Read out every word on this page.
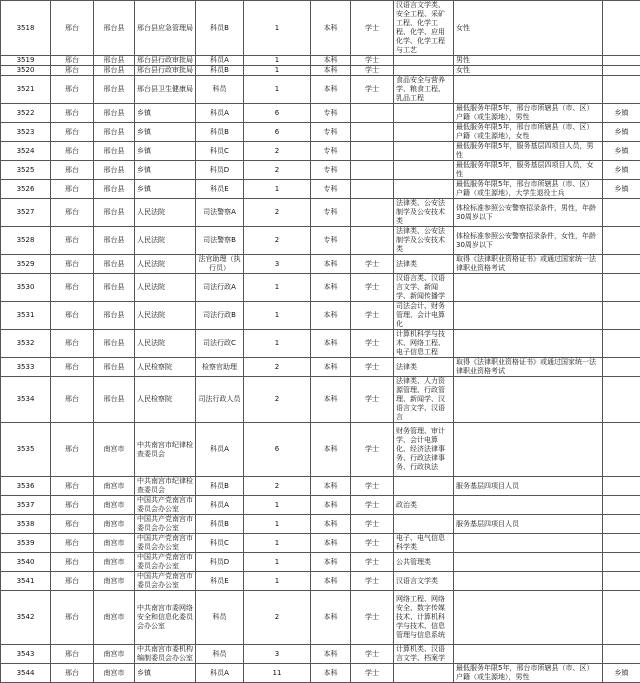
3518	邢台	邢台县	邢台县应急管理局	科员B	1	本科	学士	汉语言文学类、安全工程、采矿工程、化学工程、化学、应用化学、化学工程与工艺	女性	
3519	邢台	邢台县	邢台县行政审批局	科员A	1	本科	学士		男性	
3520	邢台	邢台县	邢台县行政审批局	科员B	1	本科	学士		女性	
3521	邢台	邢台县	邢台县卫生健康局	科员	1	本科	学士	食品安全与营养学、粮食工程、乳品工程		
3522	邢台	邢台县	乡镇	科员A	6	专科			最低服务年限5年，邢台市所辖县（市、区）户籍（或生源地），男性	乡镇
3523	邢台	邢台县	乡镇	科员B	6	专科			最低服务年限5年，邢台市所辖县（市、区）户籍（或生源地），女性	乡镇
3524	邢台	邢台县	乡镇	科员C	2	专科			最低服务年限5年，服务基层四项目人员，男性	乡镇
3525	邢台	邢台县	乡镇	科员D	2	专科			最低服务年限5年，服务基层四项目人员，女性	乡镇
3526	邢台	邢台县	乡镇	科员E	1	专科			最低服务年限5年，邢台市所辖县（市、区）户籍（或生源地），大学生退役士兵	乡镇
3527	邢台	邢台县	人民法院	司法警察A	2	专科		法律类、公安法制学及公安技术类	体检标准参照公安警察招录条件，男性，年龄30周岁以下	
3528	邢台	邢台县	人民法院	司法警察B	2	专科		法律类、公安法制学及公安技术类	体检标准参照公安警察招录条件，女性，年龄30周岁以下	
3529	邢台	邢台县	人民法院	法官助理（执行员）	3	本科	学士	法律类	取得《法律职业资格证书》或通过国家统一法律职业资格考试	
3530	邢台	邢台县	人民法院	司法行政A	1	本科	学士	汉语言类、汉语言文学、新闻学、新闻传播学		
3531	邢台	邢台县	人民法院	司法行政B	1	本科	学士	司法会计、财务管理、会计电算化		
3532	邢台	邢台县	人民法院	司法行政C	1	本科	学士	计算机科学与技术、网络工程、电子信息工程		
3533	邢台	邢台县	人民检察院	检察官助理	2	本科	学士	法律类	取得《法律职业资格证书》或通过国家统一法律职业资格考试	
3534	邢台	邢台县	人民检察院	司法行政人员	2	本科	学士	法律类、人力资源管理、行政管理、新闻学、汉语言文学、汉语言		
3535	邢台	南宫市	中共南宫市纪律检查委员会	科员A	6	本科	学士	财务管理、审计学、会计电算化、经济法律事务、行政法律事务、行政执法		
3536	邢台	南宫市	中共南宫市纪律检查委员会	科员B	2	本科	学士		服务基层四项目人员	
3537	邢台	南宫市	中国共产党南宫市委员会办公室	科员A	1	本科	学士	政治类		
3538	邢台	南宫市	中国共产党南宫市委员会办公室	科员B	1	本科	学士		服务基层四项目人员	
3539	邢台	南宫市	中国共产党南宫市委员会办公室	科员C	1	本科	学士	电子、电气信息科学类		
3540	邢台	南宫市	中国共产党南宫市委员会办公室	科员D	1	本科	学士	公共管理类		
3541	邢台	南宫市	中国共产党南宫市委员会办公室	科员E	1	本科	学士	汉语言文学类		
3542	邢台	南宫市	中共南宫市委网络安全和信息化委员会办公室	科员	2	本科	学士	网络工程、网络安全、数字传媒技术、计算机科学与技术、信息管理与信息系统		
3543	邢台	南宫市	中共南宫市委机构编制委员会办公室	科员	3	本科	学士	计算机类、汉语言文学、档案学		
3544	邢台	南宫市	乡镇	科员A	11	本科	学士		最低服务年限5年，邢台市所辖县（市、区）户籍（或生源地），男性	乡镇
